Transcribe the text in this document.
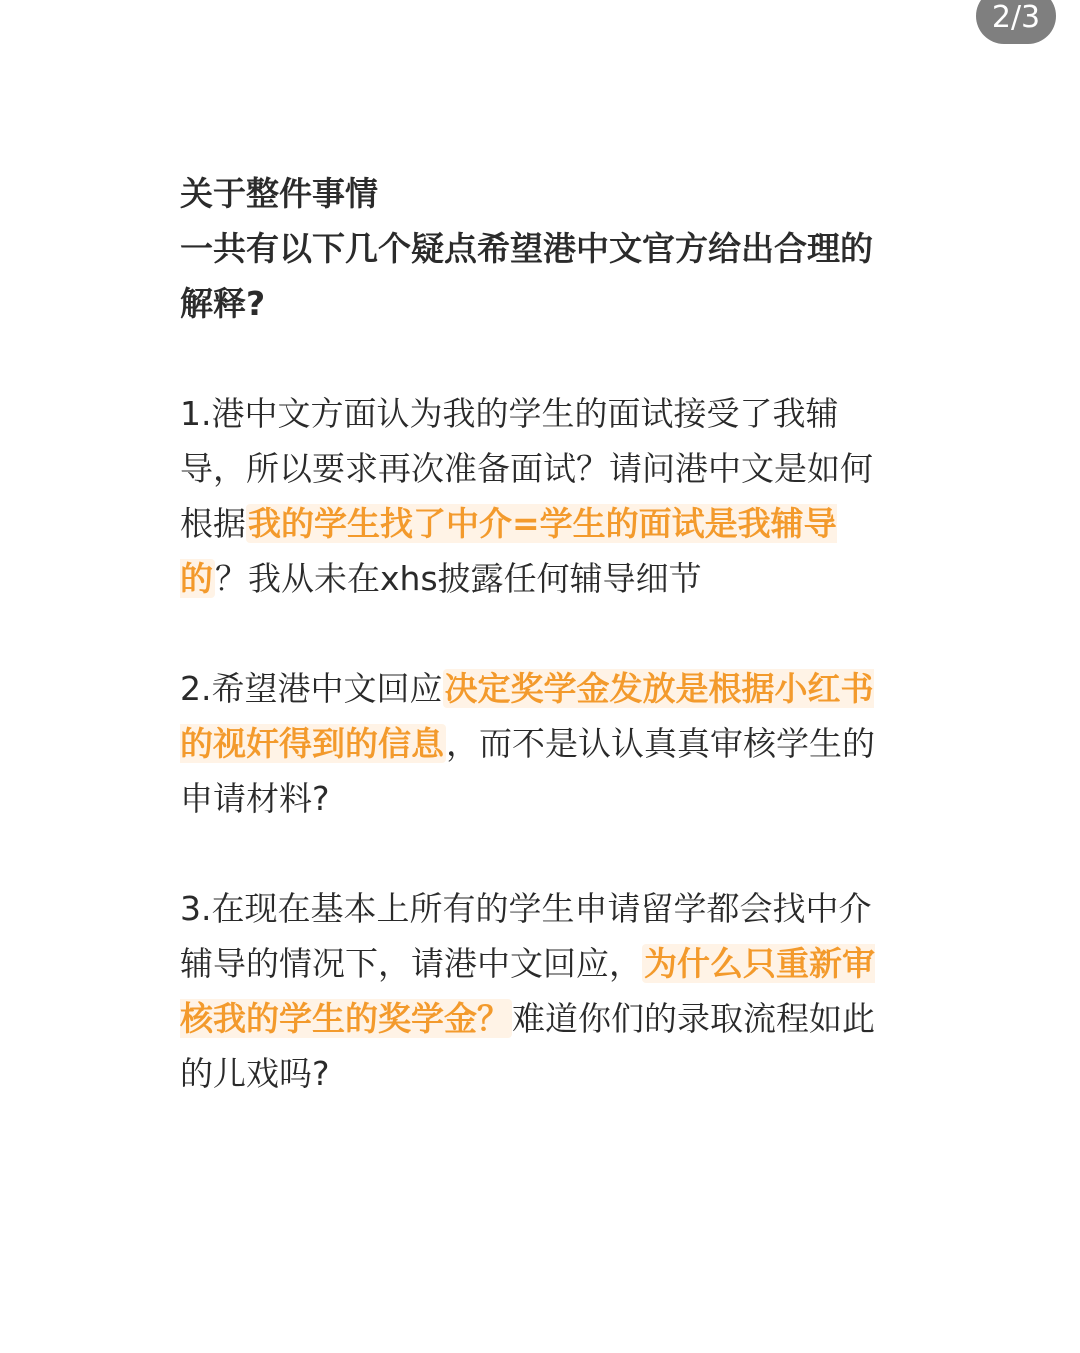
2/3
关于整件事情
一共有以下几个疑点希望港中文官方给出合理的解释?

1.港中文方面认为我的学生的面试接受了我辅导，所以要求再次准备面试？请问港中文是如何根据我的学生找了中介=学生的面试是我辅导的？我从未在xhs披露任何辅导细节

2.希望港中文回应决定奖学金发放是根据小红书的视奸得到的信息，而不是认认真真审核学生的申请材料?

3.在现在基本上所有的学生申请留学都会找中介辅导的情况下，请港中文回应，为什么只重新审核我的学生的奖学金？难道你们的录取流程如此的儿戏吗?
